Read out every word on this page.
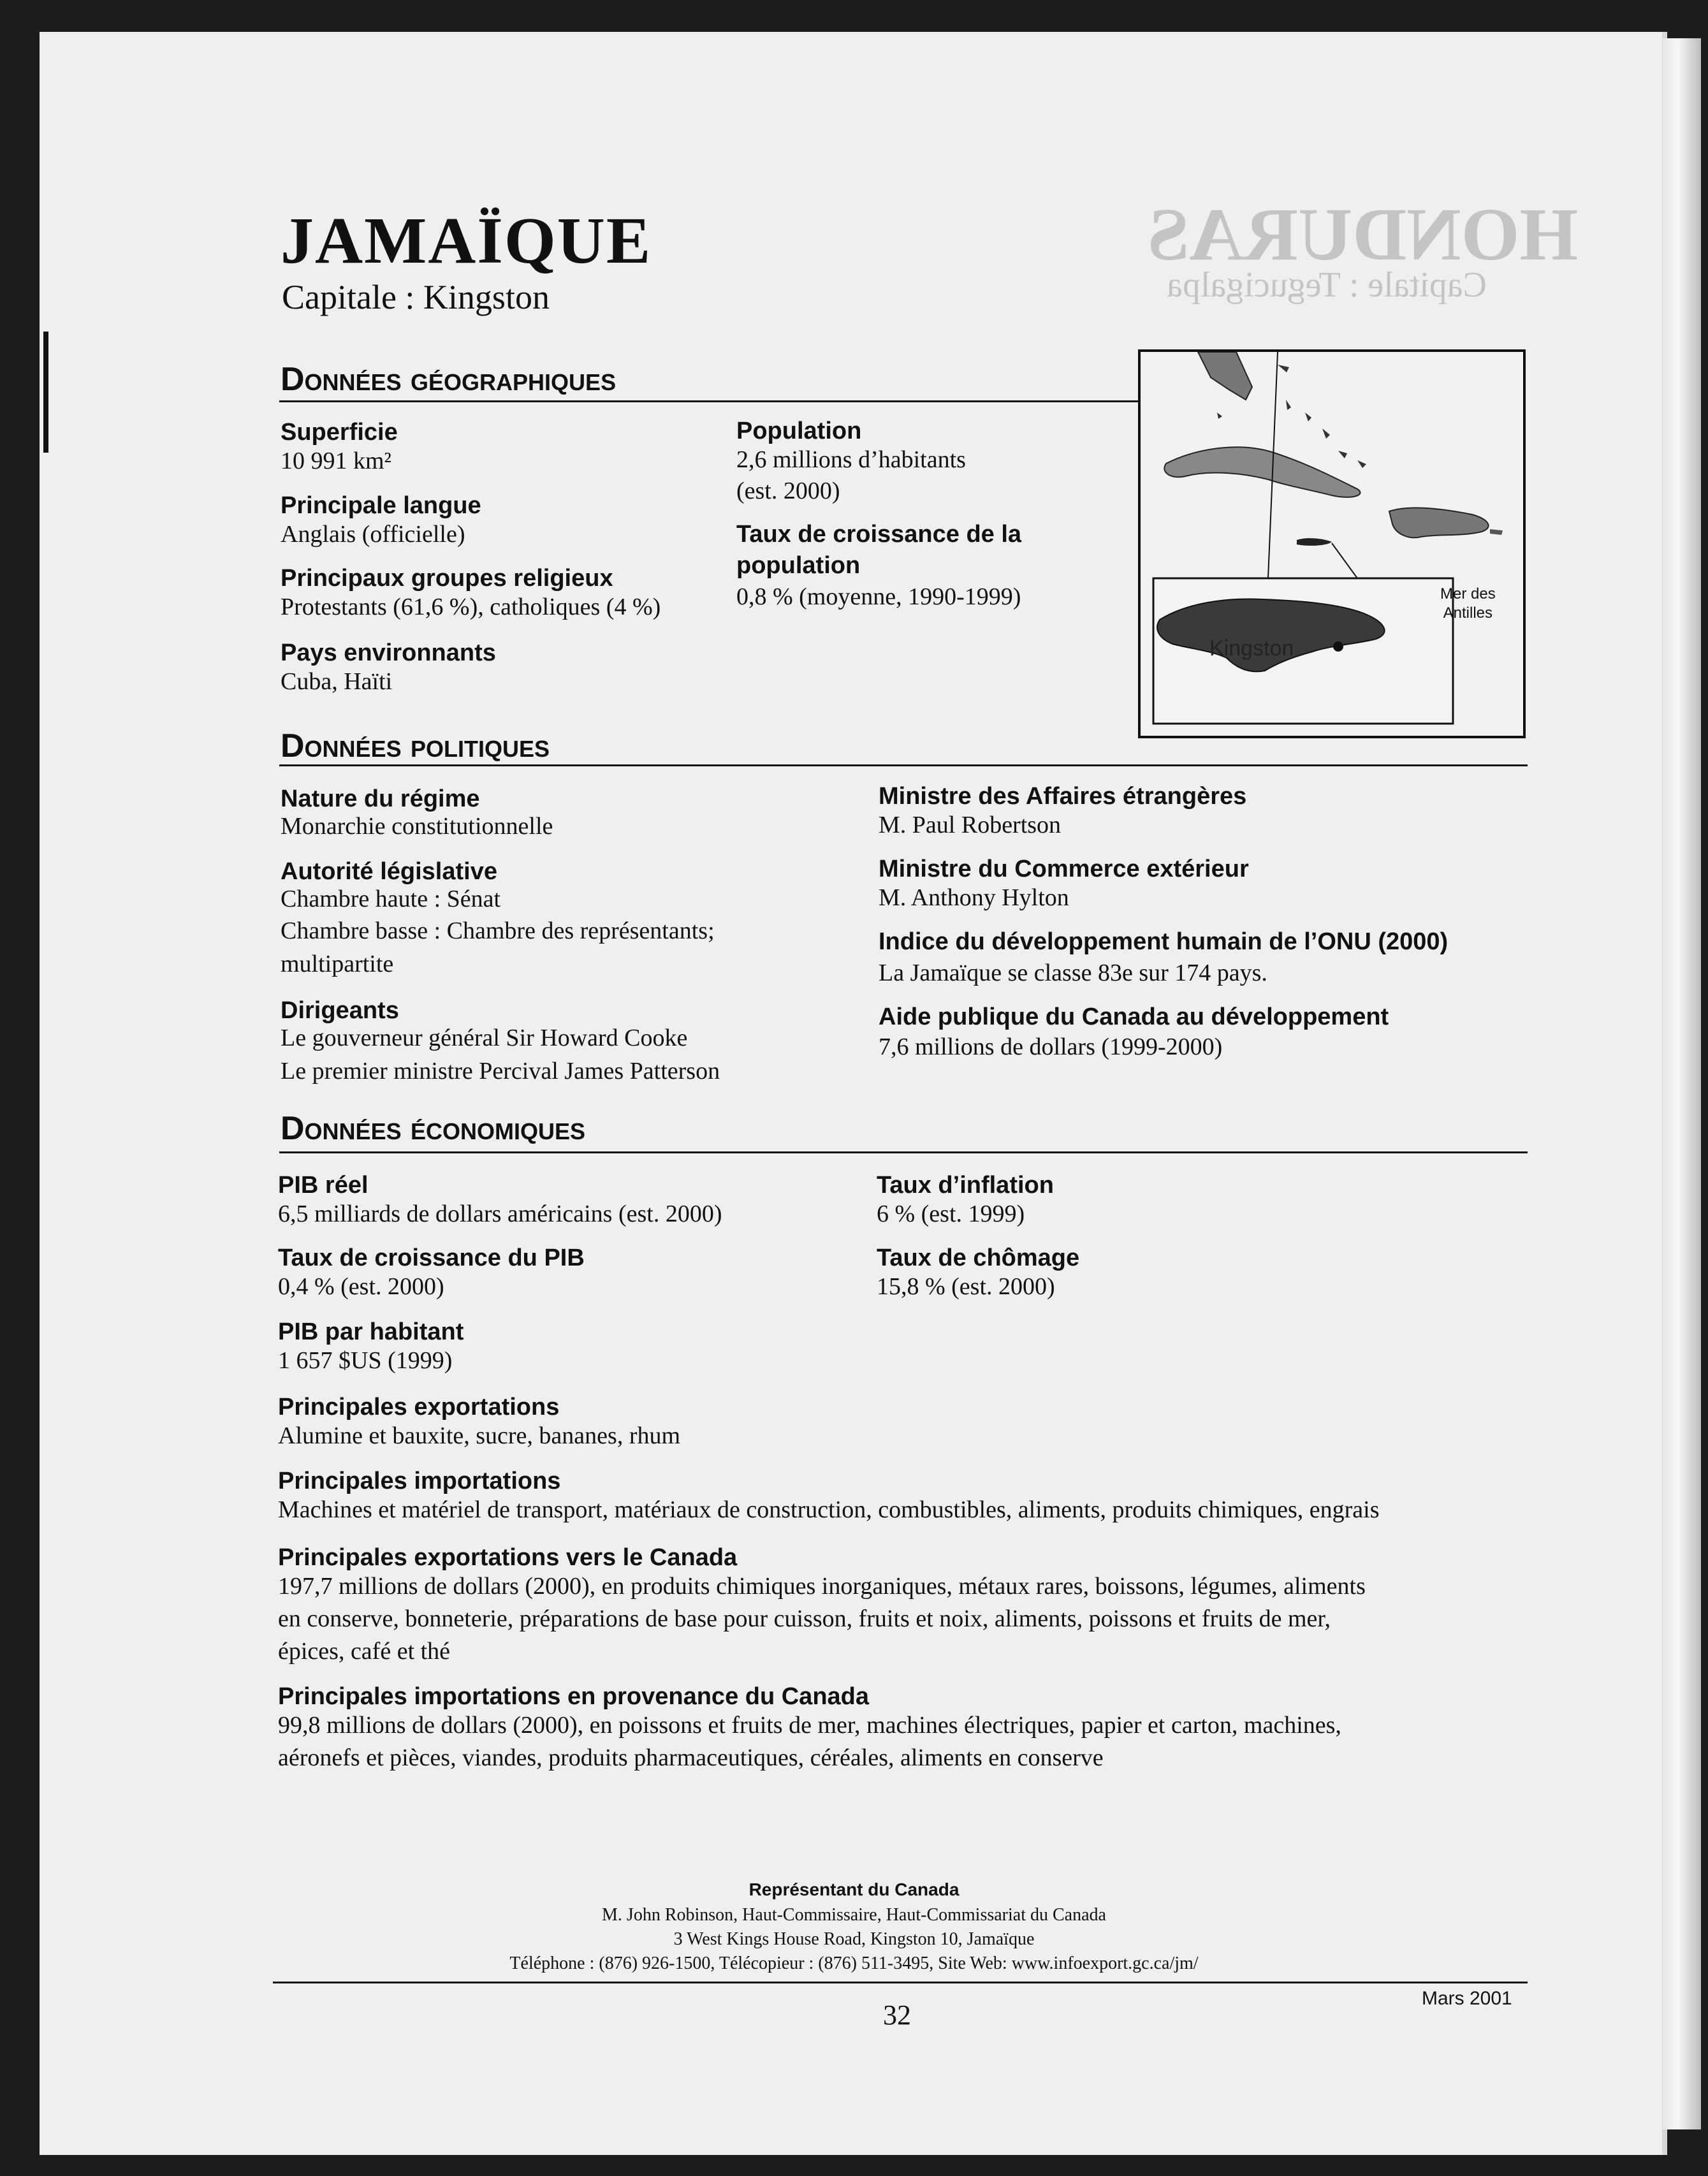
HONDURAS
Capitale : Tegucigalpa
JAMAÏQUE
Capitale : Kingston
Données géographiques
Superficie
10 991 km²
Principale langue
Anglais (officielle)
Principaux groupes religieux
Protestants (61,6 %), catholiques (4 %)
Pays environnants
Cuba, Haïti
Population
2,6 millions d’habitants
(est. 2000)
Taux de croissance de la
population
0,8 % (moyenne, 1990-1999)
Kingston
Mer des
Antilles
Données politiques
Nature du régime
Monarchie constitutionnelle
Autorité législative
Chambre haute : Sénat
Chambre basse : Chambre des représentants;
multipartite
Dirigeants
Le gouverneur général Sir Howard Cooke
Le premier ministre Percival James Patterson
Ministre des Affaires étrangères
M. Paul Robertson
Ministre du Commerce extérieur
M. Anthony Hylton
Indice du développement humain de l’ONU (2000)
La Jamaïque se classe 83e sur 174 pays.
Aide publique du Canada au développement
7,6 millions de dollars (1999-2000)
Données économiques
PIB réel
6,5 milliards de dollars américains (est. 2000)
Taux de croissance du PIB
0,4 % (est. 2000)
PIB par habitant
1 657 $US (1999)
Taux d’inflation
6 % (est. 1999)
Taux de chômage
15,8 % (est. 2000)
Principales exportations
Alumine et bauxite, sucre, bananes, rhum
Principales importations
Machines et matériel de transport, matériaux de construction, combustibles, aliments, produits chimiques, engrais
Principales exportations vers le Canada
197,7 millions de dollars (2000), en produits chimiques inorganiques, métaux rares, boissons, légumes, aliments
en conserve, bonneterie, préparations de base pour cuisson, fruits et noix, aliments, poissons et fruits de mer,
épices, café et thé
Principales importations en provenance du Canada
99,8 millions de dollars (2000), en poissons et fruits de mer, machines électriques, papier et carton, machines,
aéronefs et pièces, viandes, produits pharmaceutiques, céréales, aliments en conserve
Représentant du Canada
M. John Robinson, Haut-Commissaire, Haut-Commissariat du Canada
3 West Kings House Road, Kingston 10, Jamaïque
Téléphone : (876) 926-1500, Télécopieur : (876) 511-3495, Site Web: www.infoexport.gc.ca/jm/
32
Mars 2001
